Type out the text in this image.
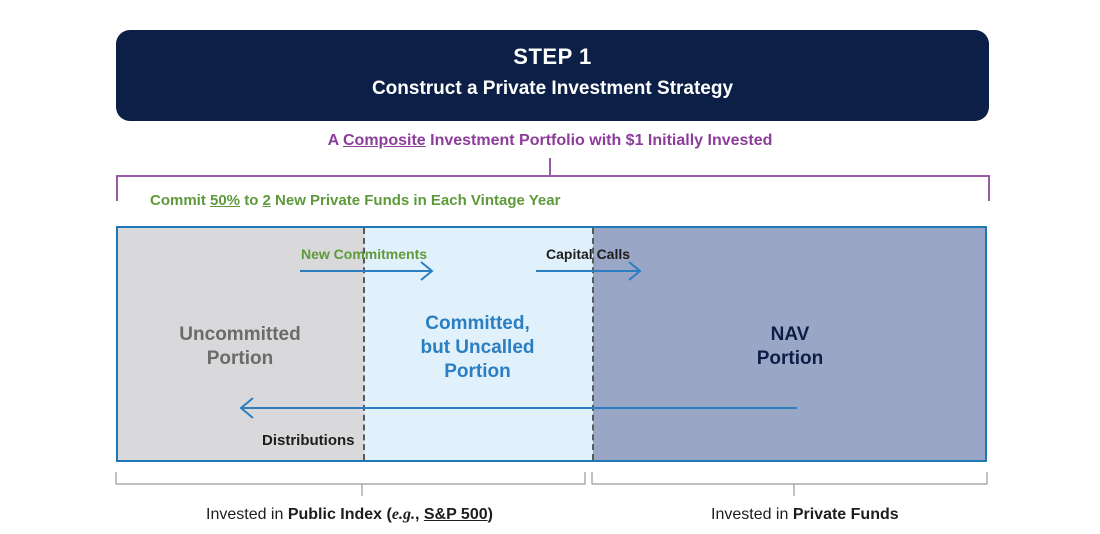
STEP 1
Construct a Private Investment Strategy
A Composite Investment Portfolio with $1 Initially Invested
Commit 50% to 2 New Private Funds in Each Vintage Year
Uncommitted
Portion
Committed,
but Uncalled
Portion
NAV
Portion
New Commitments	Capital Calls
Distributions
Invested in Public Index (e.g., S&P 500)	Invested in Private Funds
